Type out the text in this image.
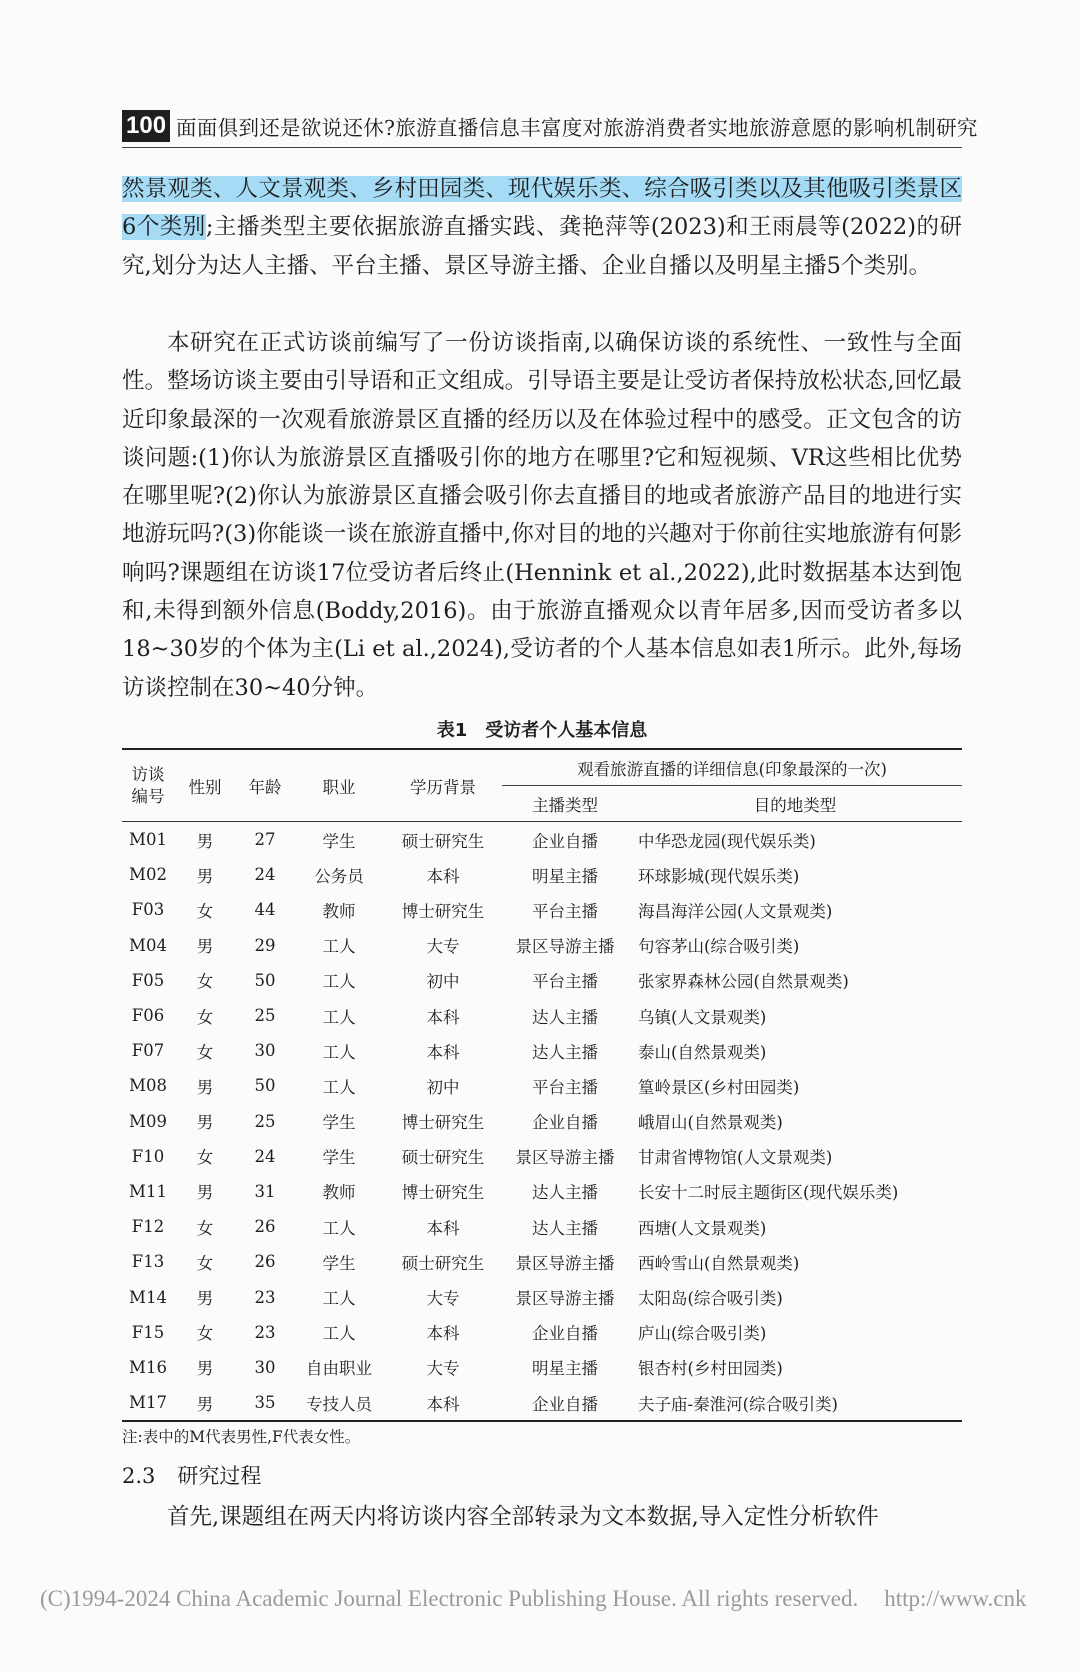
100 面面俱到还是欲说还休?旅游直播信息丰富度对旅游消费者实地旅游意愿的影响机制研究
然景观类、人文景观类、乡村田园类、现代娱乐类、综合吸引类以及其他吸引类景区6个类别;主播类型主要依据旅游直播实践、龚艳萍等(2023)和王雨晨等(2022)的研究,划分为达人主播、平台主播、景区导游主播、企业自播以及明星主播5个类别。
本研究在正式访谈前编写了一份访谈指南,以确保访谈的系统性、一致性与全面性。整场访谈主要由引导语和正文组成。引导语主要是让受访者保持放松状态,回忆最近印象最深的一次观看旅游景区直播的经历以及在体验过程中的感受。正文包含的访谈问题:(1)你认为旅游景区直播吸引你的地方在哪里?它和短视频、VR这些相比优势在哪里呢?(2)你认为旅游景区直播会吸引你去直播目的地或者旅游产品目的地进行实地游玩吗?(3)你能谈一谈在旅游直播中,你对目的地的兴趣对于你前往实地旅游有何影响吗?课题组在访谈17位受访者后终止(Hennink et al.,2022),此时数据基本达到饱和,未得到额外信息(Boddy,2016)。由于旅游直播观众以青年居多,因而受访者多以18~30岁的个体为主(Li et al.,2024),受访者的个人基本信息如表1所示。此外,每场访谈控制在30~40分钟。
表1　受访者个人基本信息
访谈编号	性别	年龄	职业	学历背景	观看旅游直播的详细信息(印象最深的一次)	
					主播类型	目的地类型
M01	男	27	学生	硕士研究生	企业自播	中华恐龙园(现代娱乐类)
M02	男	24	公务员	本科	明星主播	环球影城(现代娱乐类)
F03	女	44	教师	博士研究生	平台主播	海昌海洋公园(人文景观类)
M04	男	29	工人	大专	景区导游主播	句容茅山(综合吸引类)
F05	女	50	工人	初中	平台主播	张家界森林公园(自然景观类)
F06	女	25	工人	本科	达人主播	乌镇(人文景观类)
F07	女	30	工人	本科	达人主播	泰山(自然景观类)
M08	男	50	工人	初中	平台主播	篁岭景区(乡村田园类)
M09	男	25	学生	博士研究生	企业自播	峨眉山(自然景观类)
F10	女	24	学生	硕士研究生	景区导游主播	甘肃省博物馆(人文景观类)
M11	男	31	教师	博士研究生	达人主播	长安十二时辰主题街区(现代娱乐类)
F12	女	26	工人	本科	达人主播	西塘(人文景观类)
F13	女	26	学生	硕士研究生	景区导游主播	西岭雪山(自然景观类)
M14	男	23	工人	大专	景区导游主播	太阳岛(综合吸引类)
F15	女	23	工人	本科	企业自播	庐山(综合吸引类)
M16	男	30	自由职业	大专	明星主播	银杏村(乡村田园类)
M17	男	35	专技人员	本科	企业自播	夫子庙-秦淮河(综合吸引类)
注:表中的M代表男性,F代表女性。
2.3 研究过程
首先,课题组在两天内将访谈内容全部转录为文本数据,导入定性分析软件
(C)1994-2024 China Academic Journal Electronic Publishing House. All rights reserved. http://www.cnk
